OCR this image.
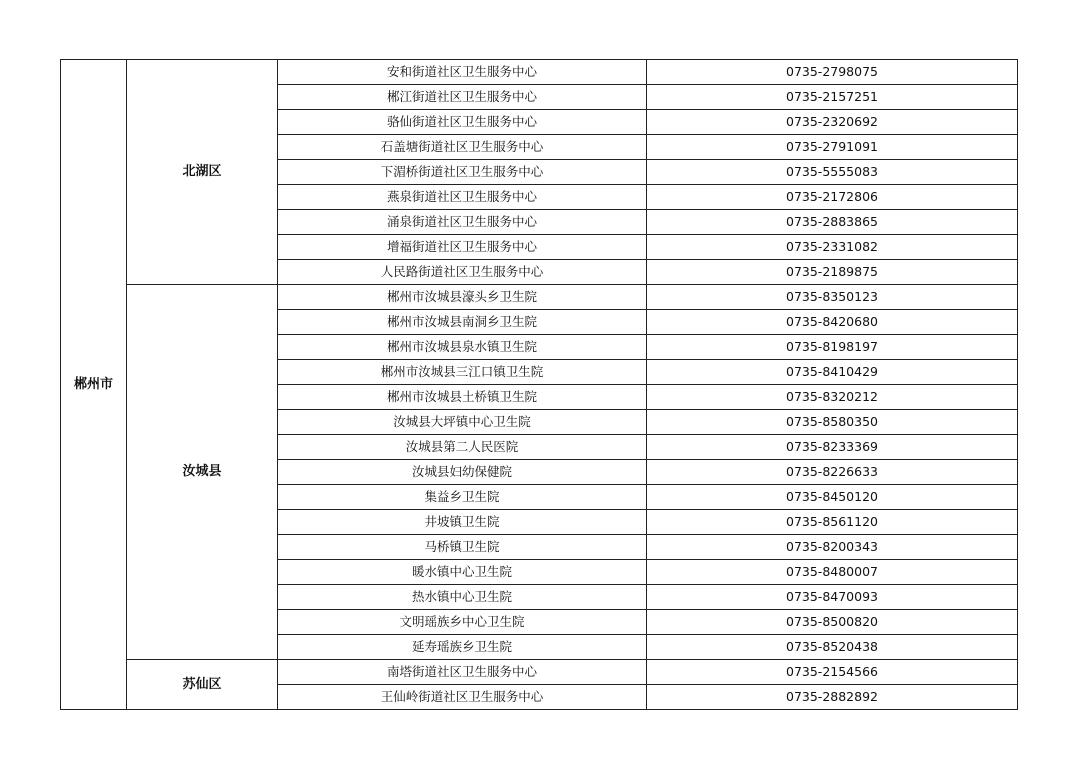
郴州市	北湖区	安和街道社区卫生服务中心	0735-2798075
		郴江街道社区卫生服务中心	0735-2157251
		骆仙街道社区卫生服务中心	0735-2320692
		石盖塘街道社区卫生服务中心	0735-2791091
		下湄桥街道社区卫生服务中心	0735-5555083
		燕泉街道社区卫生服务中心	0735-2172806
		涌泉街道社区卫生服务中心	0735-2883865
		增福街道社区卫生服务中心	0735-2331082
		人民路街道社区卫生服务中心	0735-2189875
	汝城县	郴州市汝城县濠头乡卫生院	0735-8350123
		郴州市汝城县南洞乡卫生院	0735-8420680
		郴州市汝城县泉水镇卫生院	0735-8198197
		郴州市汝城县三江口镇卫生院	0735-8410429
		郴州市汝城县土桥镇卫生院	0735-8320212
		汝城县大坪镇中心卫生院	0735-8580350
		汝城县第二人民医院	0735-8233369
		汝城县妇幼保健院	0735-8226633
		集益乡卫生院	0735-8450120
		井坡镇卫生院	0735-8561120
		马桥镇卫生院	0735-8200343
		暖水镇中心卫生院	0735-8480007
		热水镇中心卫生院	0735-8470093
		文明瑶族乡中心卫生院	0735-8500820
		延寿瑶族乡卫生院	0735-8520438
	苏仙区	南塔街道社区卫生服务中心	0735-2154566
		王仙岭街道社区卫生服务中心	0735-2882892
